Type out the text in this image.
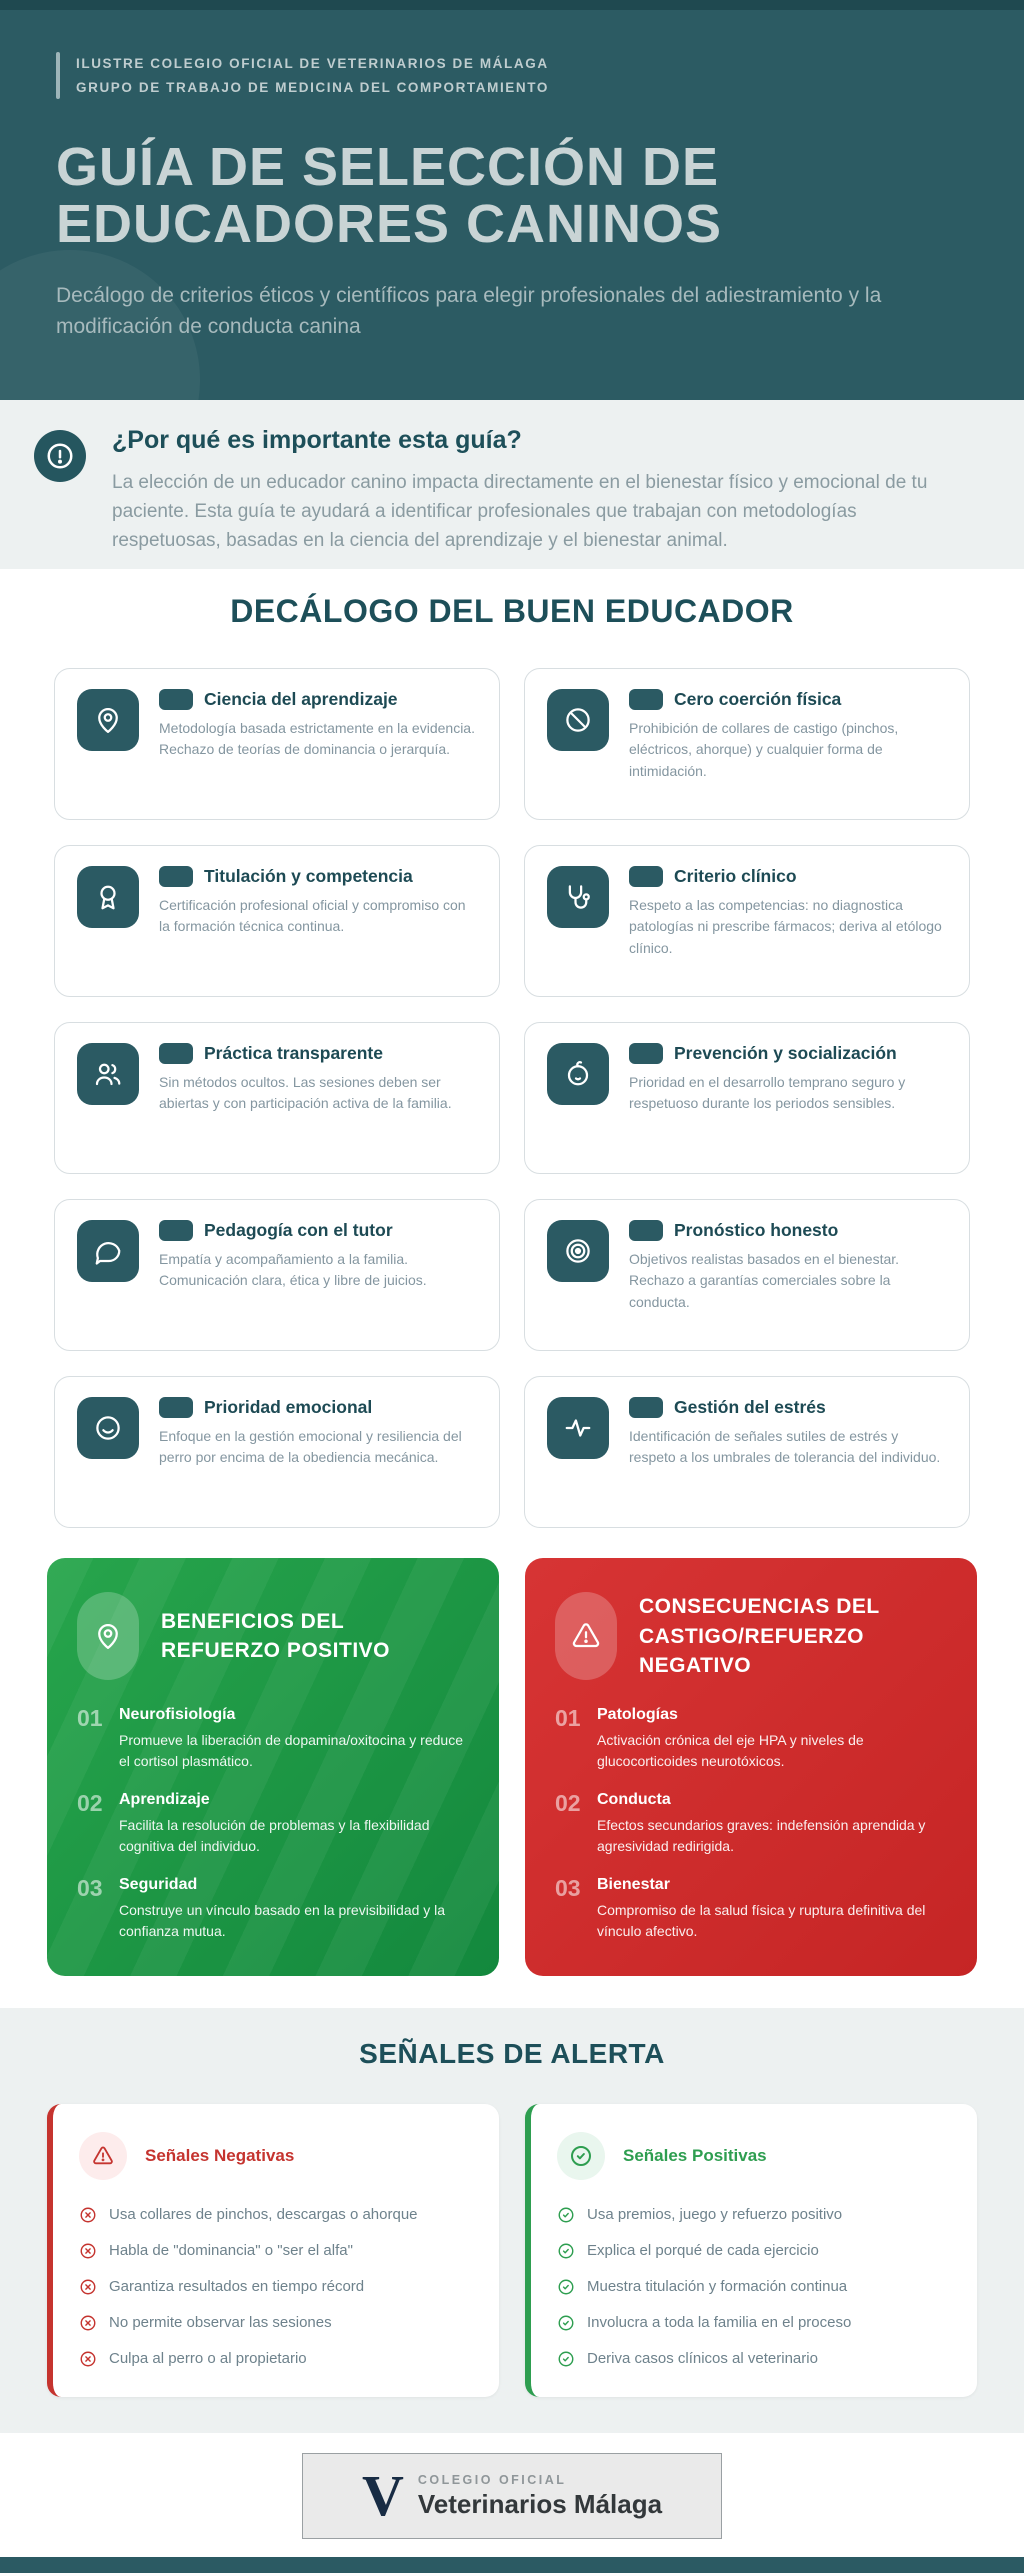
ILUSTRE COLEGIO OFICIAL DE VETERINARIOS DE MÁLAGA
GRUPO DE TRABAJO DE MEDICINA DEL COMPORTAMIENTO
GUÍA DE SELECCIÓN DE
EDUCADORES CANINOS
Decálogo de criterios éticos y científicos para elegir profesionales del adiestramiento y la modificación de conducta canina
¿Por qué es importante esta guía?
La elección de un educador canino impacta directamente en el bienestar físico y emocional de tu paciente. Esta guía te ayudará a identificar profesionales que trabajan con metodologías respetuosas, basadas en la ciencia del aprendizaje y el bienestar animal.
DECÁLOGO DEL BUEN EDUCADOR
Ciencia del aprendizaje
Metodología basada estrictamente en la evidencia. Rechazo de teorías de dominancia o jerarquía.
Cero coerción física
Prohibición de collares de castigo (pinchos, eléctricos, ahorque) y cualquier forma de intimidación.
Titulación y competencia
Certificación profesional oficial y compromiso con la formación técnica continua.
Criterio clínico
Respeto a las competencias: no diagnostica patologías ni prescribe fármacos; deriva al etólogo clínico.
Práctica transparente
Sin métodos ocultos. Las sesiones deben ser abiertas y con participación activa de la familia.
Prevención y socialización
Prioridad en el desarrollo temprano seguro y respetuoso durante los periodos sensibles.
Pedagogía con el tutor
Empatía y acompañamiento a la familia. Comunicación clara, ética y libre de juicios.
Pronóstico honesto
Objetivos realistas basados en el bienestar. Rechazo a garantías comerciales sobre la conducta.
Prioridad emocional
Enfoque en la gestión emocional y resiliencia del perro por encima de la obediencia mecánica.
Gestión del estrés
Identificación de señales sutiles de estrés y respeto a los umbrales de tolerancia del individuo.
BENEFICIOS DEL REFUERZO POSITIVO
01	Neurofisiología
Promueve la liberación de dopamina/oxitocina y reduce el cortisol plasmático.
02	Aprendizaje
Facilita la resolución de problemas y la flexibilidad cognitiva del individuo.
03	Seguridad
Construye un vínculo basado en la previsibilidad y la confianza mutua.
CONSECUENCIAS DEL CASTIGO/REFUERZO NEGATIVO
01	Patologías
Activación crónica del eje HPA y niveles de glucocorticoides neurotóxicos.
02	Conducta
Efectos secundarios graves: indefensión aprendida y agresividad redirigida.
03	Bienestar
Compromiso de la salud física y ruptura definitiva del vínculo afectivo.
SEÑALES DE ALERTA
Señales Negativas
Usa collares de pinchos, descargas o ahorque
Habla de "dominancia" o "ser el alfa"
Garantiza resultados en tiempo récord
No permite observar las sesiones
Culpa al perro o al propietario
Señales Positivas
Usa premios, juego y refuerzo positivo
Explica el porqué de cada ejercicio
Muestra titulación y formación continua
Involucra a toda la familia en el proceso
Deriva casos clínicos al veterinario
V COLEGIO OFICIAL
Veterinarios Málaga
